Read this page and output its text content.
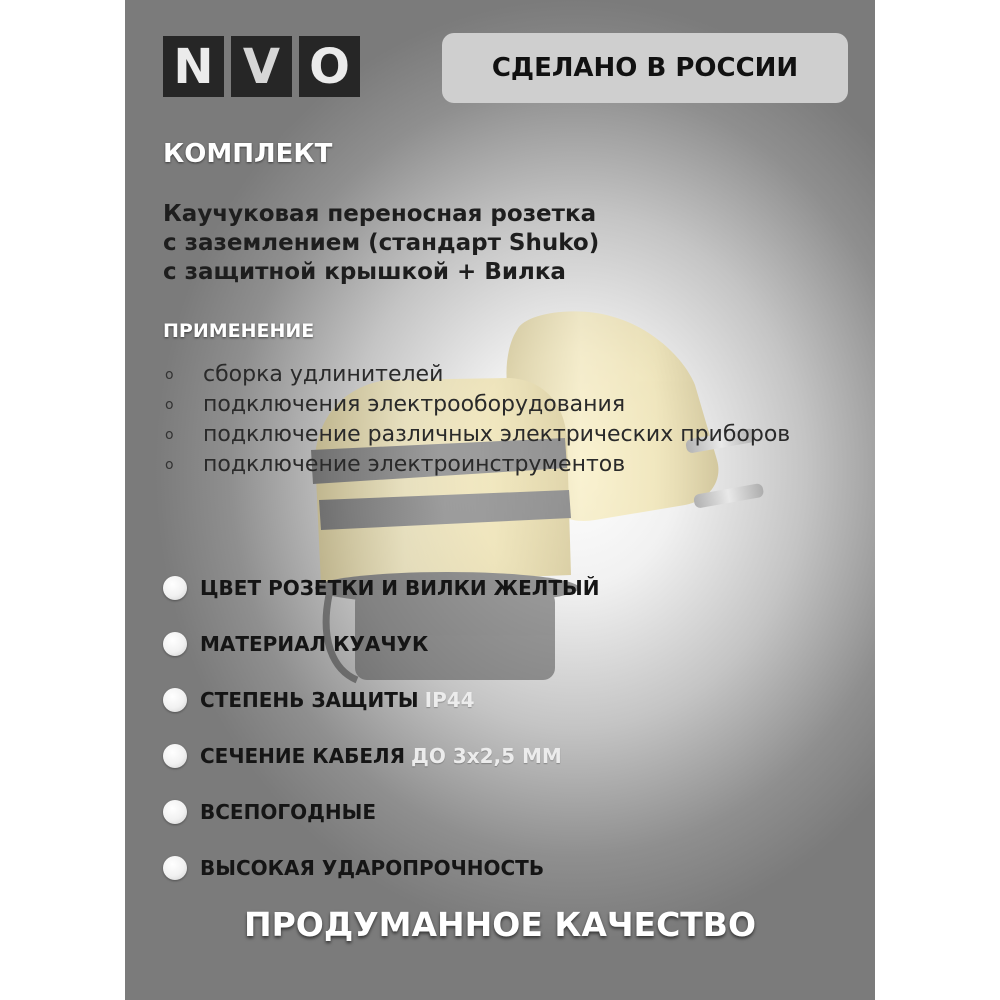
N V O	СДЕЛАНО В РОССИИ
КОМПЛЕКТ
Каучуковая переносная розетка
с заземлением (стандарт Shuko)
с защитной крышкой + Вилка
ПРИМЕНЕНИЕ
o сборка удлинителей
o подключения электрооборудования
o подключение различных электрических приборов
o подключение электроинструментов
ЦВЕТ РОЗЕТКИ И ВИЛКИ ЖЕЛТЫЙ
МАТЕРИАЛ КУАЧУК
СТЕПЕНЬ ЗАЩИТЫ IP44
СЕЧЕНИЕ КАБЕЛЯ ДО 3x2,5 ММ
ВСЕПОГОДНЫЕ
ВЫСОКАЯ УДАРОПРОЧНОСТЬ
ПРОДУМАННОЕ КАЧЕСТВО
